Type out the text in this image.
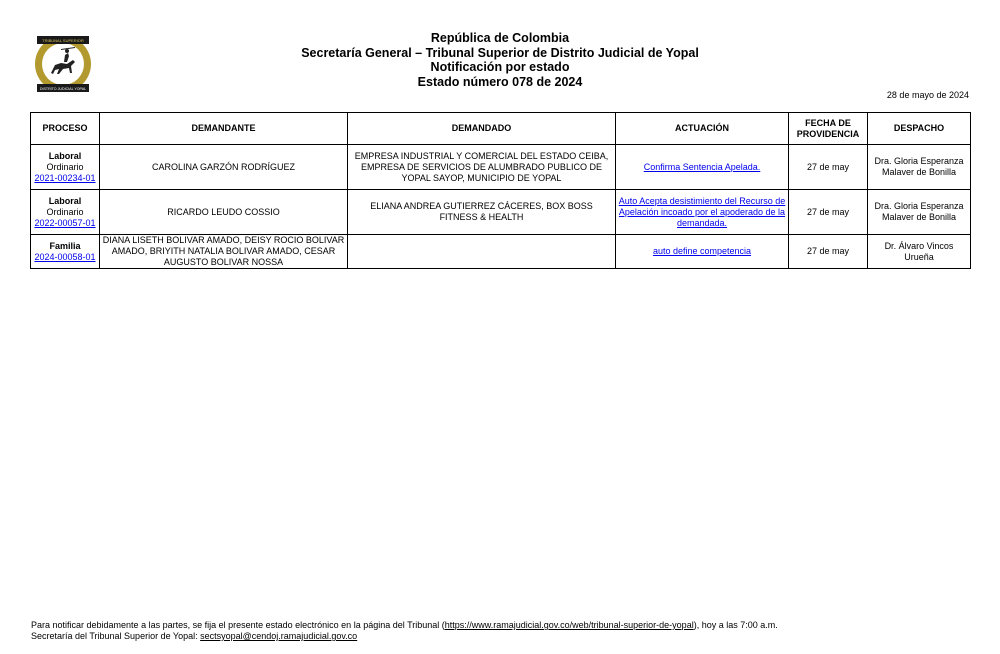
TRIBUNAL SUPERIOR
DISTRITO JUDICIAL YOPAL
República de Colombia
Secretaría General – Tribunal Superior de Distrito Judicial de Yopal
Notificación por estado
Estado número 078 de 2024
28 de mayo de 2024
PROCESO	DEMANDANTE	DEMANDADO	ACTUACIÓN	FECHA DE PROVIDENCIA	DESPACHO

Laboral
Ordinario
2021-00234-01	CAROLINA GARZÓN RODRÍGUEZ	EMPRESA INDUSTRIAL Y COMERCIAL DEL ESTADO CEIBA, EMPRESA DE SERVICIOS DE ALUMBRADO PUBLICO DE YOPAL SAYOP, MUNICIPIO DE YOPAL	Confirma Sentencia Apelada.	27 de may	Dra. Gloria Esperanza Malaver de Bonilla

Laboral
Ordinario
2022-00057-01	RICARDO LEUDO COSSIO	ELIANA ANDREA GUTIERREZ CÁCERES, BOX BOSS FITNESS & HEALTH	Auto Acepta desistimiento del Recurso de Apelación incoado por el apoderado de la demandada.	27 de may	Dra. Gloria Esperanza Malaver de Bonilla

Familia
2024-00058-01	DIANA LISETH BOLIVAR AMADO, DEISY ROCIO BOLIVAR AMADO, BRIYITH NATALIA BOLIVAR AMADO, CESAR AUGUSTO BOLIVAR NOSSA		auto define competencia	27 de may	Dr. Álvaro Vincos Urueña
Para notificar debidamente a las partes, se fija el presente estado electrónico en la página del Tribunal (https://www.ramajudicial.gov.co/web/tribunal-superior-de-yopal), hoy a las 7:00 a.m.
Secretaría del Tribunal Superior de Yopal: sectsyopal@cendoj.ramajudicial.gov.co
